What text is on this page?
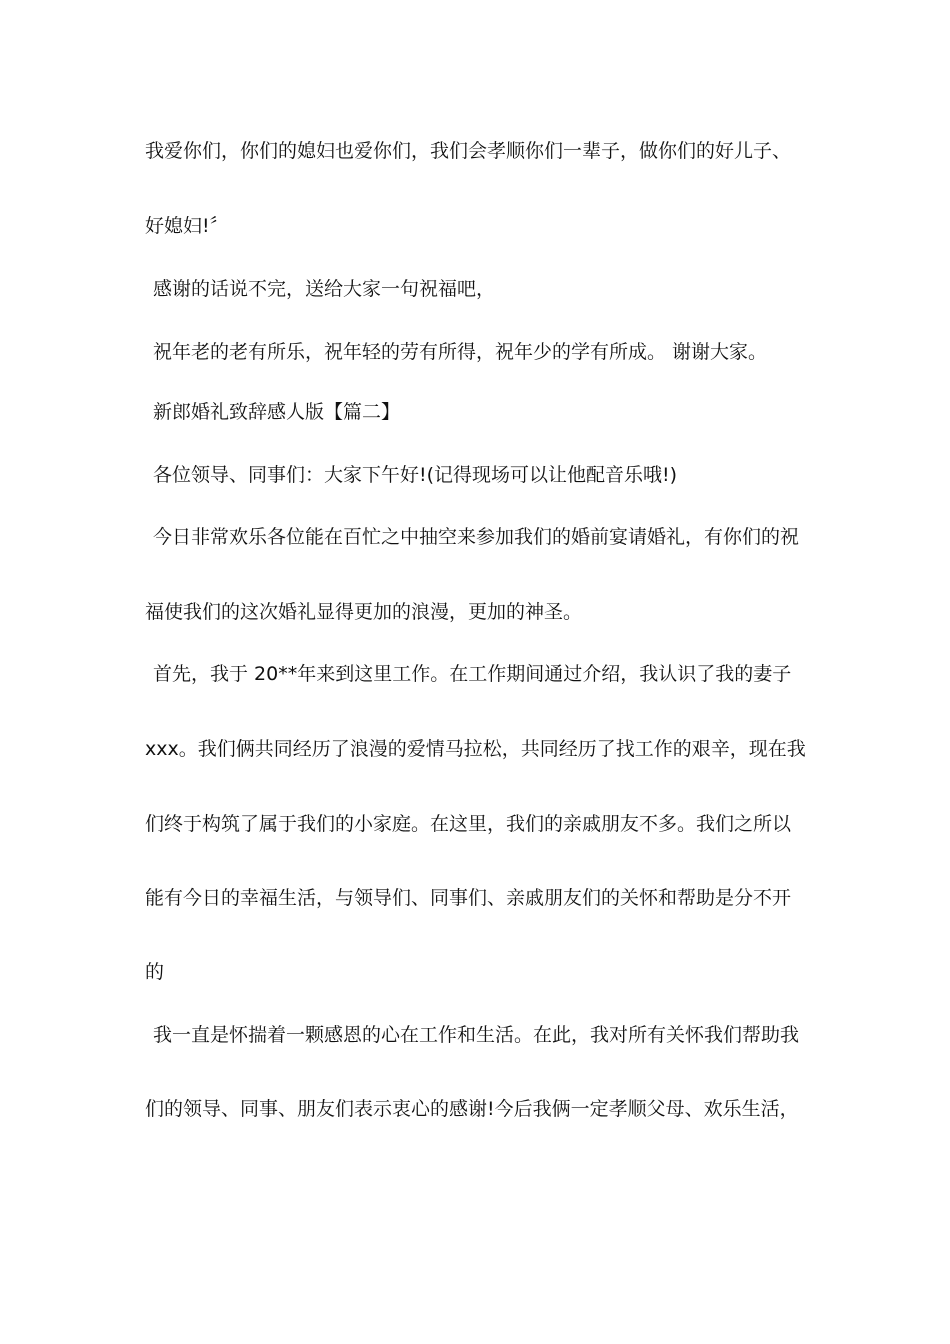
我爱你们，你们的媳妇也爱你们，我们会孝顺你们一辈子，做你们的好儿子、
好媳妇!〞
感谢的话说不完，送给大家一句祝福吧，
祝年老的老有所乐，祝年轻的劳有所得，祝年少的学有所成。 谢谢大家。
新郎婚礼致辞感人版【篇二】
各位领导、同事们：大家下午好!(记得现场可以让他配音乐哦!)
今日非常欢乐各位能在百忙之中抽空来参加我们的婚前宴请婚礼，有你们的祝
福使我们的这次婚礼显得更加的浪漫，更加的神圣。
首先，我于 20**年来到这里工作。在工作期间通过介绍，我认识了我的妻子
xxx。我们俩共同经历了浪漫的爱情马拉松，共同经历了找工作的艰辛，现在我
们终于构筑了属于我们的小家庭。在这里，我们的亲戚朋友不多。我们之所以
能有今日的幸福生活，与领导们、同事们、亲戚朋友们的关怀和帮助是分不开
的
我一直是怀揣着一颗感恩的心在工作和生活。在此，我对所有关怀我们帮助我
们的领导、同事、朋友们表示衷心的感谢!今后我俩一定孝顺父母、欢乐生活，
